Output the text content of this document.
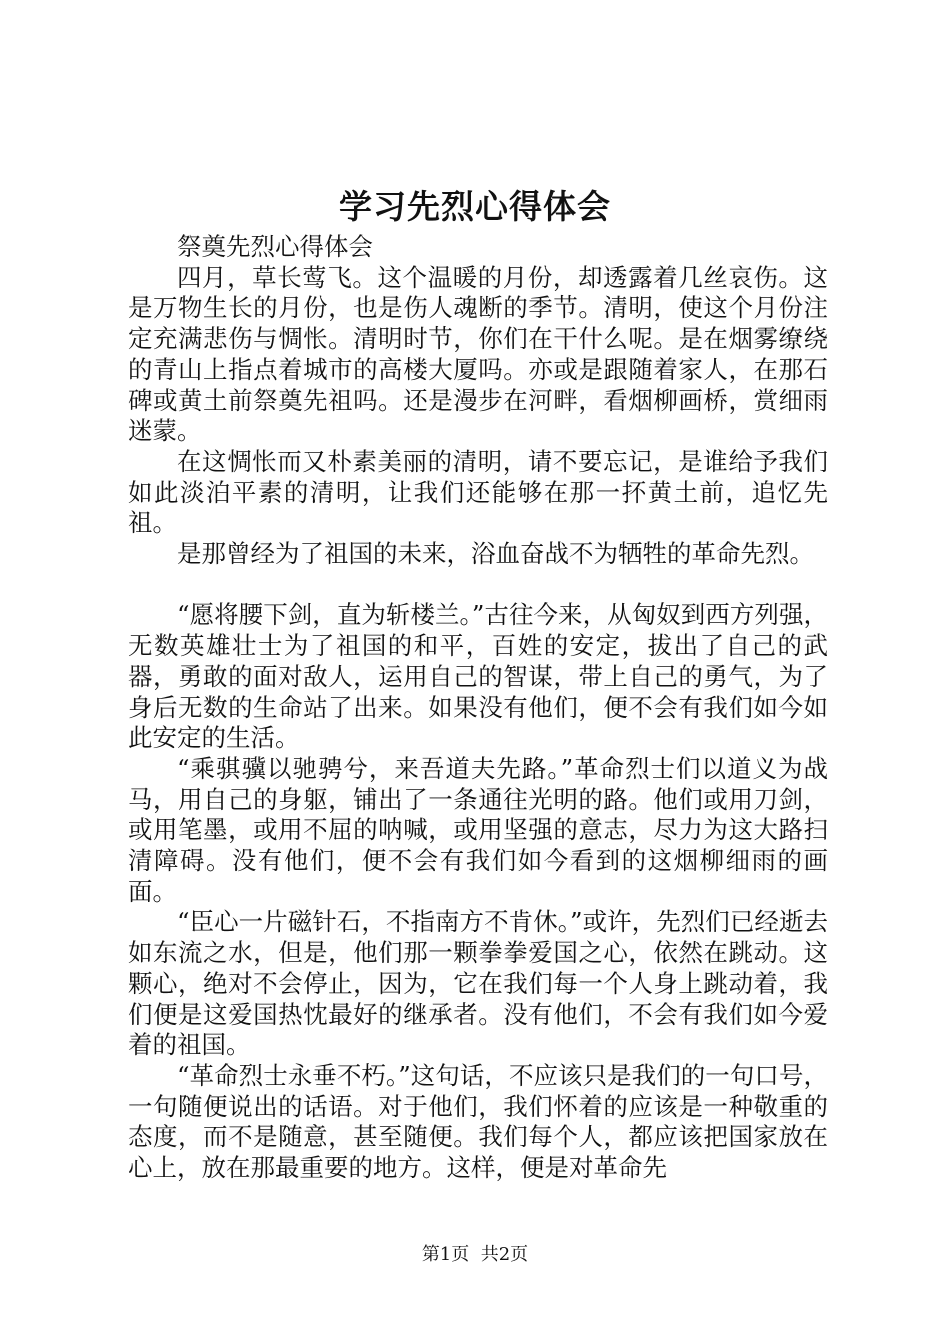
学习先烈心得体会

祭奠先烈心得体会

四月，草长莺飞。这个温暖的月份，却透露着几丝哀伤。这是万物生长的月份，也是伤人魂断的季节。清明，使这个月份注定充满悲伤与惆怅。清明时节，你们在干什么呢。是在烟雾缭绕的青山上指点着城市的高楼大厦吗。亦或是跟随着家人，在那石碑或黄土前祭奠先祖吗。还是漫步在河畔，看烟柳画桥，赏细雨迷蒙。

在这惆怅而又朴素美丽的清明，请不要忘记，是谁给予我们如此淡泊平素的清明，让我们还能够在那一抔黄土前，追忆先祖。

是那曾经为了祖国的未来，浴血奋战不为牺牲的革命先烈。

“愿将腰下剑，直为斩楼兰。”古往今来，从匈奴到西方列强，无数英雄壮士为了祖国的和平，百姓的安定，拔出了自己的武器，勇敢的面对敌人，运用自己的智谋，带上自己的勇气，为了身后无数的生命站了出来。如果没有他们，便不会有我们如今如此安定的生活。

“乘骐骥以驰骋兮，来吾道夫先路。”革命烈士们以道义为战马，用自己的身躯，铺出了一条通往光明的路。他们或用刀剑，或用笔墨，或用不屈的呐喊，或用坚强的意志，尽力为这大路扫清障碍。没有他们，便不会有我们如今看到的这烟柳细雨的画面。

“臣心一片磁针石，不指南方不肯休。”或许，先烈们已经逝去如东流之水，但是，他们那一颗拳拳爱国之心，依然在跳动。这颗心，绝对不会停止，因为，它在我们每一个人身上跳动着，我们便是这爱国热忱最好的继承者。没有他们，不会有我们如今爱着的祖国。

“革命烈士永垂不朽。”这句话，不应该只是我们的一句口号，一句随便说出的话语。对于他们，我们怀着的应该是一种敬重的态度，而不是随意，甚至随便。我们每个人，都应该把国家放在心上，放在那最重要的地方。这样，便是对革命先

第1页  共2页
